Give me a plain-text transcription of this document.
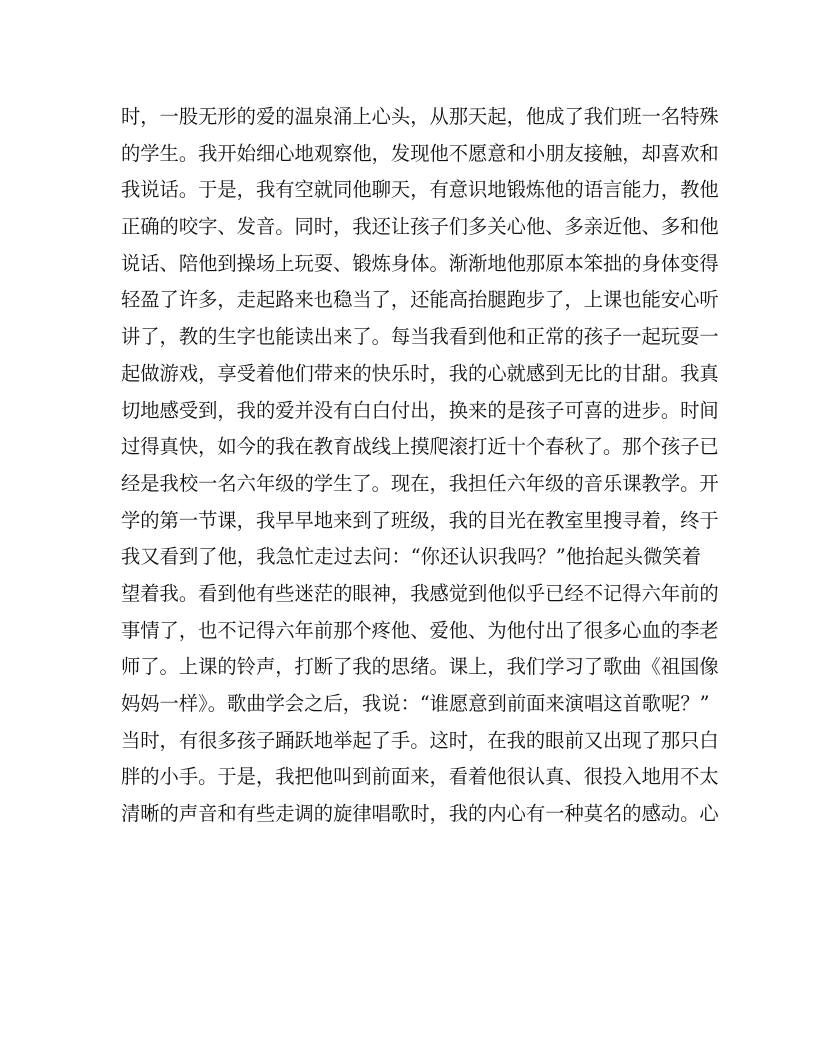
时，一股无形的爱的温泉涌上心头，从那天起，他成了我们班一名特殊
的学生。我开始细心地观察他，发现他不愿意和小朋友接触，却喜欢和
我说话。于是，我有空就同他聊天，有意识地锻炼他的语言能力，教他
正确的咬字、发音。同时，我还让孩子们多关心他、多亲近他、多和他
说话、陪他到操场上玩耍、锻炼身体。渐渐地他那原本笨拙的身体变得
轻盈了许多，走起路来也稳当了，还能高抬腿跑步了，上课也能安心听
讲了，教的生字也能读出来了。每当我看到他和正常的孩子一起玩耍一
起做游戏，享受着他们带来的快乐时，我的心就感到无比的甘甜。我真
切地感受到，我的爱并没有白白付出，换来的是孩子可喜的进步。时间
过得真快，如今的我在教育战线上摸爬滚打近十个春秋了。那个孩子已
经是我校一名六年级的学生了。现在，我担任六年级的音乐课教学。开
学的第一节课，我早早地来到了班级，我的目光在教室里搜寻着，终于
我又看到了他，我急忙走过去问：“你还认识我吗？”他抬起头微笑着
望着我。看到他有些迷茫的眼神，我感觉到他似乎已经不记得六年前的
事情了，也不记得六年前那个疼他、爱他、为他付出了很多心血的李老
师了。上课的铃声，打断了我的思绪。课上，我们学习了歌曲《祖国像
妈妈一样》。歌曲学会之后，我说：“谁愿意到前面来演唱这首歌呢？”
当时，有很多孩子踊跃地举起了手。这时，在我的眼前又出现了那只白
胖的小手。于是，我把他叫到前面来，看着他很认真、很投入地用不太
清晰的声音和有些走调的旋律唱歌时，我的内心有一种莫名的感动。心
